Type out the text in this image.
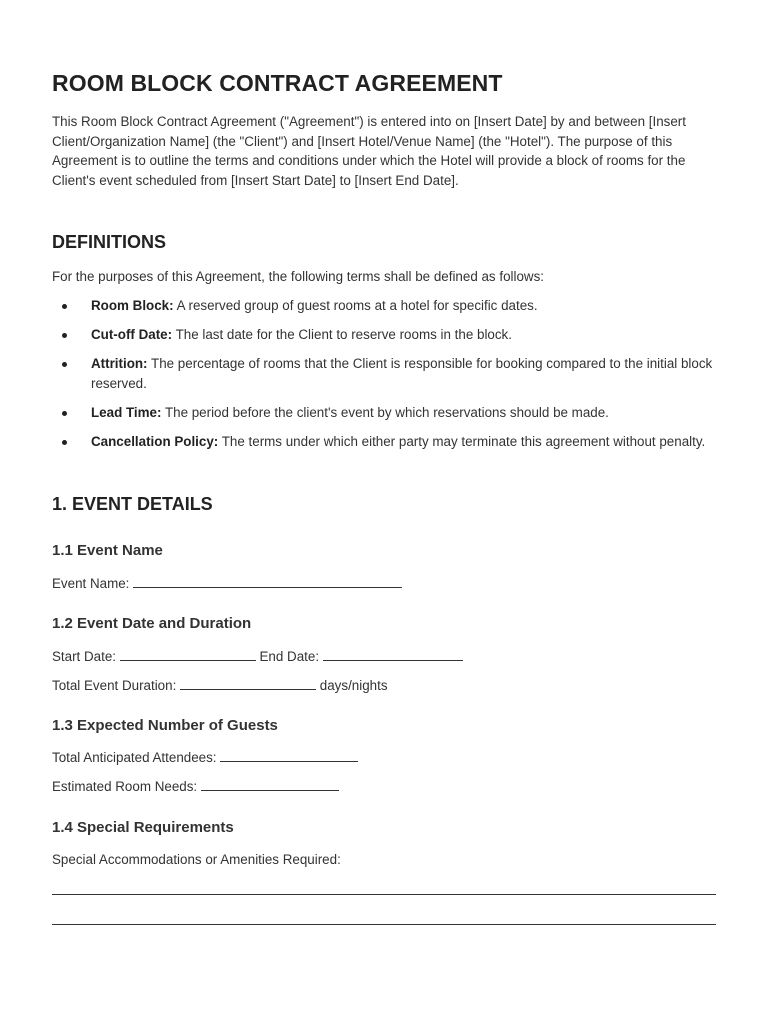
ROOM BLOCK CONTRACT AGREEMENT

This Room Block Contract Agreement ("Agreement") is entered into on [Insert Date] by and between [Insert Client/Organization Name] (the "Client") and [Insert Hotel/Venue Name] (the "Hotel"). The purpose of this Agreement is to outline the terms and conditions under which the Hotel will provide a block of rooms for the Client's event scheduled from [Insert Start Date] to [Insert End Date].

DEFINITIONS

For the purposes of this Agreement, the following terms shall be defined as follows:

Room Block: A reserved group of guest rooms at a hotel for specific dates.
Cut-off Date: The last date for the Client to reserve rooms in the block.
Attrition: The percentage of rooms that the Client is responsible for booking compared to the initial block reserved.
Lead Time: The period before the client's event by which reservations should be made.
Cancellation Policy: The terms under which either party may terminate this agreement without penalty.
1. EVENT DETAILS
1.1 Event Name

Event Name:

1.2 Event Date and Duration

Start Date:	End Date:

Total Event Duration:	days/nights

1.3 Expected Number of Guests

Total Anticipated Attendees:

Estimated Room Needs:

1.4 Special Requirements

Special Accommodations or Amenities Required:
